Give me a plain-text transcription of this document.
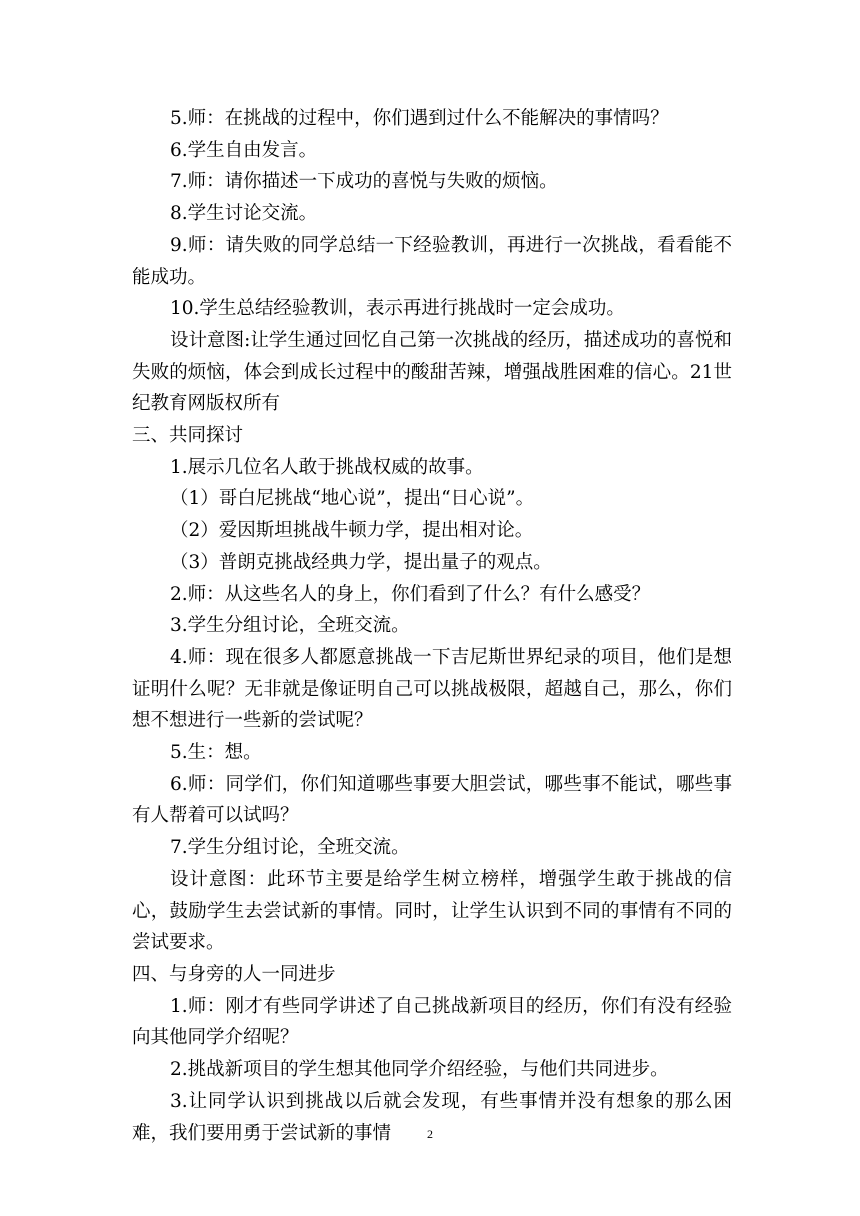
5.师：在挑战的过程中，你们遇到过什么不能解决的事情吗？

6.学生自由发言。

7.师：请你描述一下成功的喜悦与失败的烦恼。

8.学生讨论交流。

9.师：请失败的同学总结一下经验教训，再进行一次挑战，看看能不能成功。

10.学生总结经验教训，表示再进行挑战时一定会成功。

设计意图:让学生通过回忆自己第一次挑战的经历，描述成功的喜悦和失败的烦恼，体会到成长过程中的酸甜苦辣，增强战胜困难的信心。21世纪教育网版权所有

三、共同探讨

1.展示几位名人敢于挑战权威的故事。

（1）哥白尼挑战“地心说”，提出“日心说”。

（2）爱因斯坦挑战牛顿力学，提出相对论。

（3）普朗克挑战经典力学，提出量子的观点。

2.师：从这些名人的身上，你们看到了什么？有什么感受？

3.学生分组讨论，全班交流。

4.师：现在很多人都愿意挑战一下吉尼斯世界纪录的项目，他们是想证明什么呢？无非就是像证明自己可以挑战极限，超越自己，那么，你们想不想进行一些新的尝试呢？

5.生：想。

6.师：同学们，你们知道哪些事要大胆尝试，哪些事不能试，哪些事有人帮着可以试吗？

7.学生分组讨论，全班交流。

设计意图：此环节主要是给学生树立榜样，增强学生敢于挑战的信心，鼓励学生去尝试新的事情。同时，让学生认识到不同的事情有不同的尝试要求。

四、与身旁的人一同进步

1.师：刚才有些同学讲述了自己挑战新项目的经历，你们有没有经验向其他同学介绍呢？

2.挑战新项目的学生想其他同学介绍经验，与他们共同进步。

3.让同学认识到挑战以后就会发现，有些事情并没有想象的那么困难，我们要用勇于尝试新的事情	2
